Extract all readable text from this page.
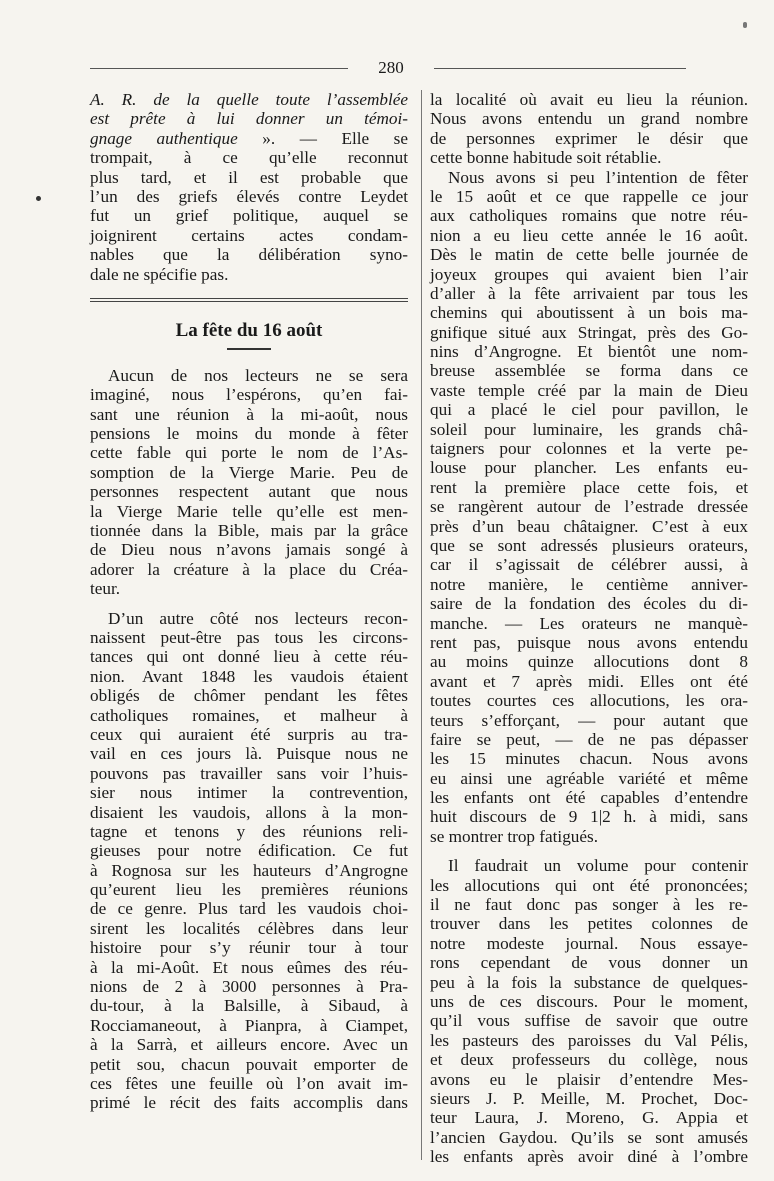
280
A. R. de la quelle toute l’assemblée
est prête à lui donner un témoi-
gnage authentique ». — Elle se
trompait, à ce qu’elle reconnut
plus tard, et il est probable que
l’un des griefs élevés contre Leydet
fut un grief politique, auquel se
joignirent certains actes condam-
nables que la délibération syno-
dale ne spécifie pas.
La fête du 16 août
Aucun de nos lecteurs ne se sera
imaginé, nous l’espérons, qu’en fai-
sant une réunion à la mi-août, nous
pensions le moins du monde à fêter
cette fable qui porte le nom de l’As-
somption de la Vierge Marie. Peu de
personnes respectent autant que nous
la Vierge Marie telle qu’elle est men-
tionnée dans la Bible, mais par la grâce
de Dieu nous n’avons jamais songé à
adorer la créature à la place du Créa-
teur.
D’un autre côté nos lecteurs recon-
naissent peut-être pas tous les circons-
tances qui ont donné lieu à cette réu-
nion. Avant 1848 les vaudois étaient
obligés de chômer pendant les fêtes
catholiques romaines, et malheur à
ceux qui auraient été surpris au tra-
vail en ces jours là. Puisque nous ne
pouvons pas travailler sans voir l’huis-
sier nous intimer la contrevention,
disaient les vaudois, allons à la mon-
tagne et tenons y des réunions reli-
gieuses pour notre édification. Ce fut
à Rognosa sur les hauteurs d’Angrogne
qu’eurent lieu les premières réunions
de ce genre. Plus tard les vaudois choi-
sirent les localités célèbres dans leur
histoire pour s’y réunir tour à tour
à la mi-Août. Et nous eûmes des réu-
nions de 2 à 3000 personnes à Pra-
du-tour, à la Balsille, à Sibaud, à
Rocciamaneout, à Pianpra, à Ciampet,
à la Sarrà, et ailleurs encore. Avec un
petit sou, chacun pouvait emporter de
ces fêtes une feuille où l’on avait im-
primé le récit des faits accomplis dans
la localité où avait eu lieu la réunion.
Nous avons entendu un grand nombre
de personnes exprimer le désir que
cette bonne habitude soit rétablie.
Nous avons si peu l’intention de fêter
le 15 août et ce que rappelle ce jour
aux catholiques romains que notre réu-
nion a eu lieu cette année le 16 août.
Dès le matin de cette belle journée de
joyeux groupes qui avaient bien l’air
d’aller à la fête arrivaient par tous les
chemins qui aboutissent à un bois ma-
gnifique situé aux Stringat, près des Go-
nins d’Angrogne. Et bientôt une nom-
breuse assemblée se forma dans ce
vaste temple créé par la main de Dieu
qui a placé le ciel pour pavillon, le
soleil pour luminaire, les grands châ-
taigners pour colonnes et la verte pe-
louse pour plancher. Les enfants eu-
rent la première place cette fois, et
se rangèrent autour de l’estrade dressée
près d’un beau châtaigner. C’est à eux
que se sont adressés plusieurs orateurs,
car il s’agissait de célébrer aussi, à
notre manière, le centième anniver-
saire de la fondation des écoles du di-
manche. — Les orateurs ne manquè-
rent pas, puisque nous avons entendu
au moins quinze allocutions dont 8
avant et 7 après midi. Elles ont été
toutes courtes ces allocutions, les ora-
teurs s’efforçant, — pour autant que
faire se peut, — de ne pas dépasser
les 15 minutes chacun. Nous avons
eu ainsi une agréable variété et même
les enfants ont été capables d’entendre
huit discours de 9 1|2 h. à midi, sans
se montrer trop fatigués.
Il faudrait un volume pour contenir
les allocutions qui ont été prononcées;
il ne faut donc pas songer à les re-
trouver dans les petites colonnes de
notre modeste journal. Nous essaye-
rons cependant de vous donner un
peu à la fois la substance de quelques-
uns de ces discours. Pour le moment,
qu’il vous suffise de savoir que outre
les pasteurs des paroisses du Val Pélis,
et deux professeurs du collège, nous
avons eu le plaisir d’entendre Mes-
sieurs J. P. Meille, M. Prochet, Doc-
teur Laura, J. Moreno, G. Appia et
l’ancien Gaydou. Qu’ils se sont amusés
les enfants après avoir diné à l’ombre
